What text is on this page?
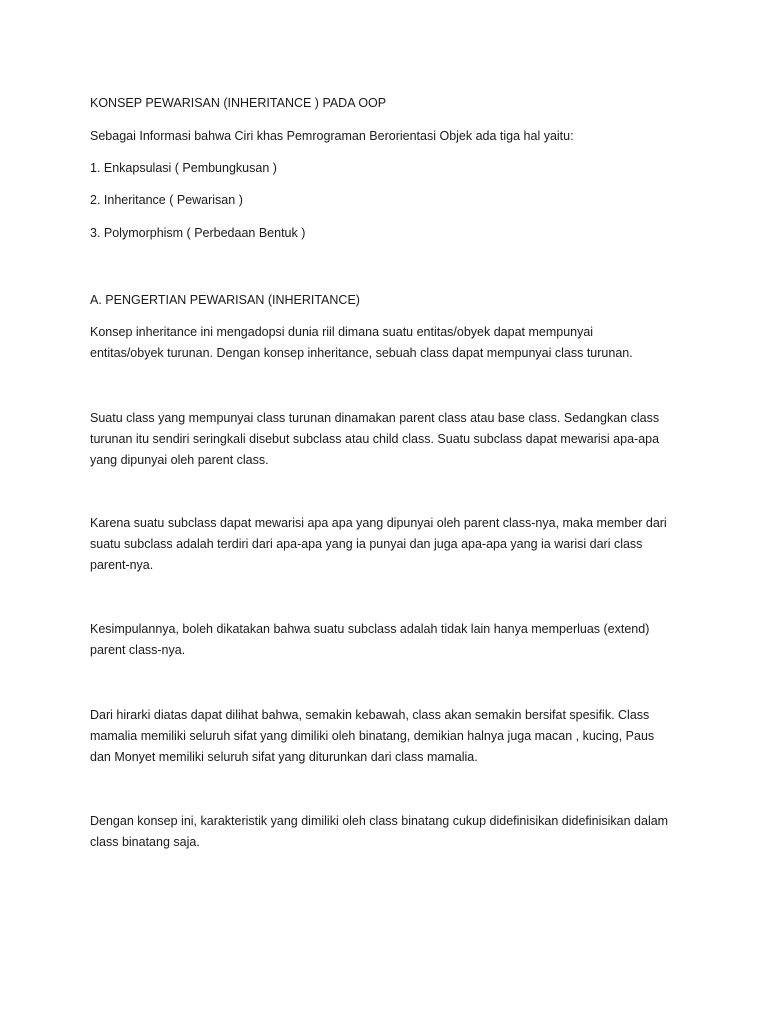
KONSEP PEWARISAN (INHERITANCE ) PADA OOP

Sebagai Informasi bahwa Ciri khas Pemrograman Berorientasi Objek ada tiga hal yaitu:

1. Enkapsulasi ( Pembungkusan )

2. Inheritance ( Pewarisan )

3. Polymorphism ( Perbedaan Bentuk )

A. PENGERTIAN PEWARISAN (INHERITANCE)

Konsep inheritance ini mengadopsi dunia riil dimana suatu entitas/obyek dapat mempunyai
entitas/obyek turunan. Dengan konsep inheritance, sebuah class dapat mempunyai class turunan.
Suatu class yang mempunyai class turunan dinamakan parent class atau base class. Sedangkan class
turunan itu sendiri seringkali disebut subclass atau child class. Suatu subclass dapat mewarisi apa-apa
yang dipunyai oleh parent class.
Karena suatu subclass dapat mewarisi apa apa yang dipunyai oleh parent class-nya, maka member dari
suatu subclass adalah terdiri dari apa-apa yang ia punyai dan juga apa-apa yang ia warisi dari class
parent-nya.
Kesimpulannya, boleh dikatakan bahwa suatu subclass adalah tidak lain hanya memperluas (extend)
parent class-nya.
Dari hirarki diatas dapat dilihat bahwa, semakin kebawah, class akan semakin bersifat spesifik. Class
mamalia memiliki seluruh sifat yang dimiliki oleh binatang, demikian halnya juga macan , kucing, Paus
dan Monyet memiliki seluruh sifat yang diturunkan dari class mamalia.
Dengan konsep ini, karakteristik yang dimiliki oleh class binatang cukup didefinisikan didefinisikan dalam
class binatang saja.
